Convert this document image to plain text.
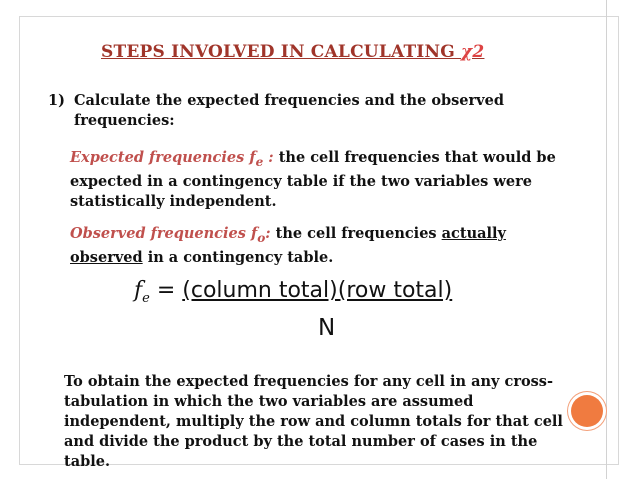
STEPS INVOLVED IN CALCULATING χ2
1) Calculate the expected frequencies and the observed frequencies:
Expected frequencies $f_e$ : the cell frequencies that would be expected in a contingency table if the two variables were statistically independent.
Observed frequencies $f_o$: the cell frequencies actually observed in a contingency table.
$f_e$ = (column total)(row total)
N
To obtain the expected frequencies for any cell in any cross-tabulation in which the two variables are assumed independent, multiply the row and column totals for that cell and divide the product by the total number of cases in the table.
